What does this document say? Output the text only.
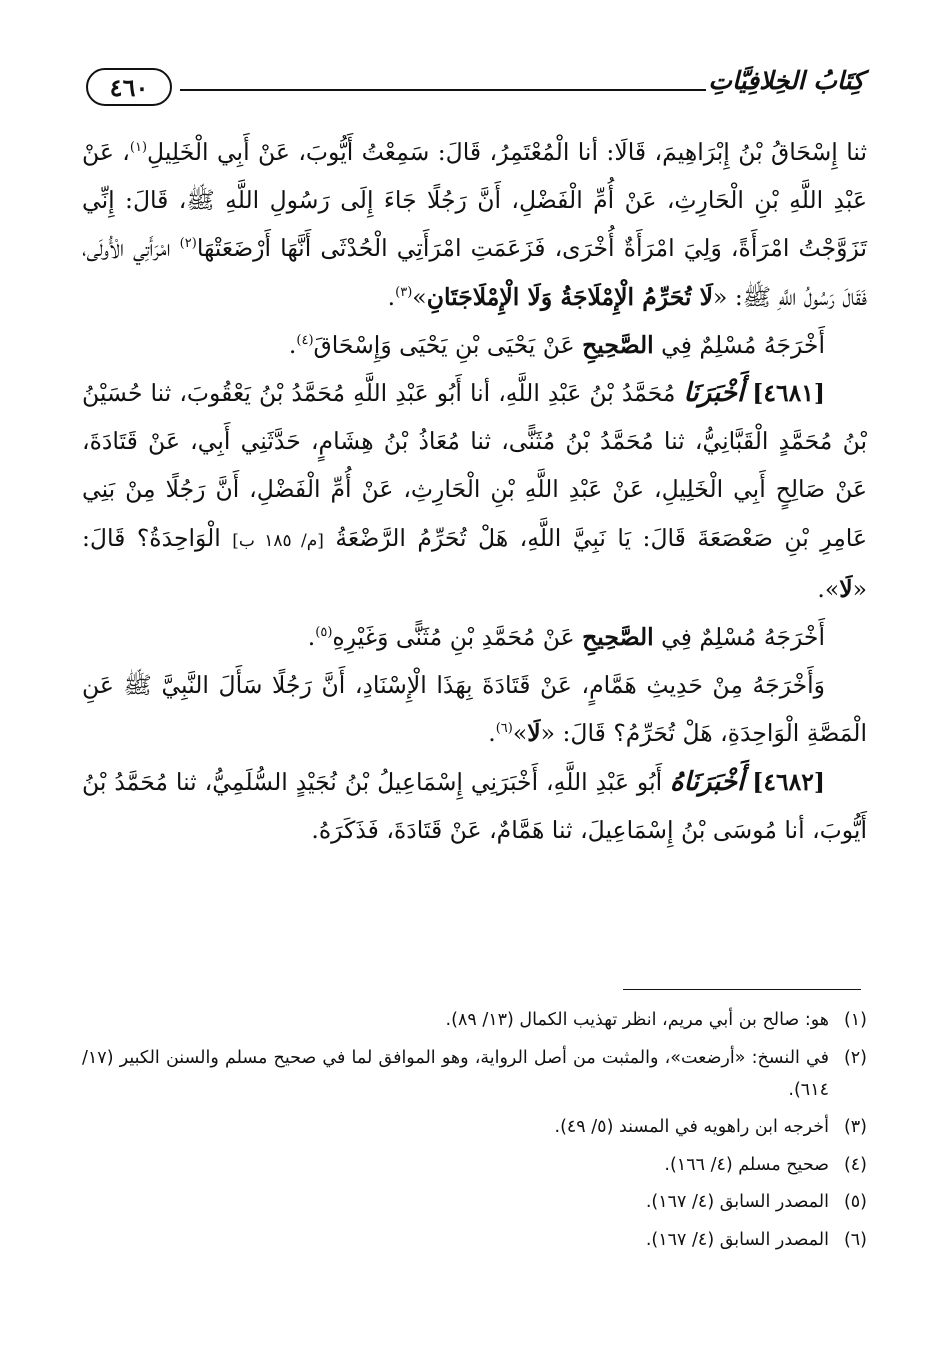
٤٦٠	كِتَابُ الخِلافِيَّاتِ

ثنا إِسْحَاقُ بْنُ إِبْرَاهِيمَ، قَالَا: أنا الْمُعْتَمِرُ، قَالَ: سَمِعْتُ أَيُّوبَ، عَنْ أَبِي الْخَلِيلِ$^{(١)}$، عَنْ عَبْدِ اللَّهِ بْنِ الْحَارِثِ، عَنْ أُمِّ الْفَضْلِ، أَنَّ رَجُلًا جَاءَ إِلَى رَسُولِ اللَّهِ ﷺ، قَالَ: إِنِّي تَزَوَّجْتُ امْرَأَةً، وَلِيَ امْرَأَةٌ أُخْرَى، فَزَعَمَتِ امْرَأَتِي الْحُدْثَى أَنَّهَا أَرْضَعَتْهَا$^{(٢)}$ امْرَأَتِي الْأُولَى، فَقَالَ رَسُولُ اللَّهِ ﷺ: «لَا تُحَرِّمُ الْإِمْلَاجَةُ وَلَا الْإِمْلَاجَتَانِ»$^{(٣)}$.

أَخْرَجَهُ مُسْلِمٌ فِي الصَّحِيحِ عَنْ يَحْيَى بْنِ يَحْيَى وَإِسْحَاقَ$^{(٤)}$.

[٤٦٨١] أَخْبَرَنَا مُحَمَّدُ بْنُ عَبْدِ اللَّهِ، أنا أَبُو عَبْدِ اللَّهِ مُحَمَّدُ بْنُ يَعْقُوبَ، ثنا حُسَيْنُ بْنُ مُحَمَّدٍ الْقَبَّانِيُّ، ثنا مُحَمَّدُ بْنُ مُثَنًّى، ثنا مُعَاذُ بْنُ هِشَامٍ، حَدَّثَنِي أَبِي، عَنْ قَتَادَةَ، عَنْ صَالِحٍ أَبِي الْخَلِيلِ، عَنْ عَبْدِ اللَّهِ بْنِ الْحَارِثِ، عَنْ أُمِّ الْفَضْلِ، أَنَّ رَجُلًا مِنْ بَنِي عَامِرِ بْنِ صَعْصَعَةَ قَالَ: يَا نَبِيَّ اللَّهِ، هَلْ تُحَرِّمُ الرَّضْعَةُ [م/ ١٨٥ ب] الْوَاحِدَةُ؟ قَالَ: «لَا».

أَخْرَجَهُ مُسْلِمٌ فِي الصَّحِيحِ عَنْ مُحَمَّدِ بْنِ مُثَنًّى وَغَيْرِهِ$^{(٥)}$.

وَأَخْرَجَهُ مِنْ حَدِيثِ هَمَّامٍ، عَنْ قَتَادَةَ بِهَذَا الْإِسْنَادِ، أَنَّ رَجُلًا سَأَلَ النَّبِيَّ ﷺ عَنِ الْمَصَّةِ الْوَاحِدَةِ، هَلْ تُحَرِّمُ؟ قَالَ: «لَا»$^{(٦)}$.

[٤٦٨٢] أَخْبَرَنَاهُ أَبُو عَبْدِ اللَّهِ، أَخْبَرَنِي إِسْمَاعِيلُ بْنُ نُجَيْدٍ السُّلَمِيُّ، ثنا مُحَمَّدُ بْنُ أَيُّوبَ، أنا مُوسَى بْنُ إِسْمَاعِيلَ، ثنا هَمَّامٌ، عَنْ قَتَادَةَ، فَذَكَرَهُ.

(١)
هو: صالح بن أبي مريم، انظر تهذيب الكمال (١٣/ ٨٩).
(٢)
في النسخ: «أرضعت»، والمثبت من أصل الرواية، وهو الموافق لما في صحيح مسلم والسنن الكبير (١٧/ ٦١٤).
(٣)
أخرجه ابن راهويه في المسند (٥/ ٤٩).
(٤)
صحيح مسلم (٤/ ١٦٦).
(٥)
المصدر السابق (٤/ ١٦٧).
(٦)
المصدر السابق (٤/ ١٦٧).
